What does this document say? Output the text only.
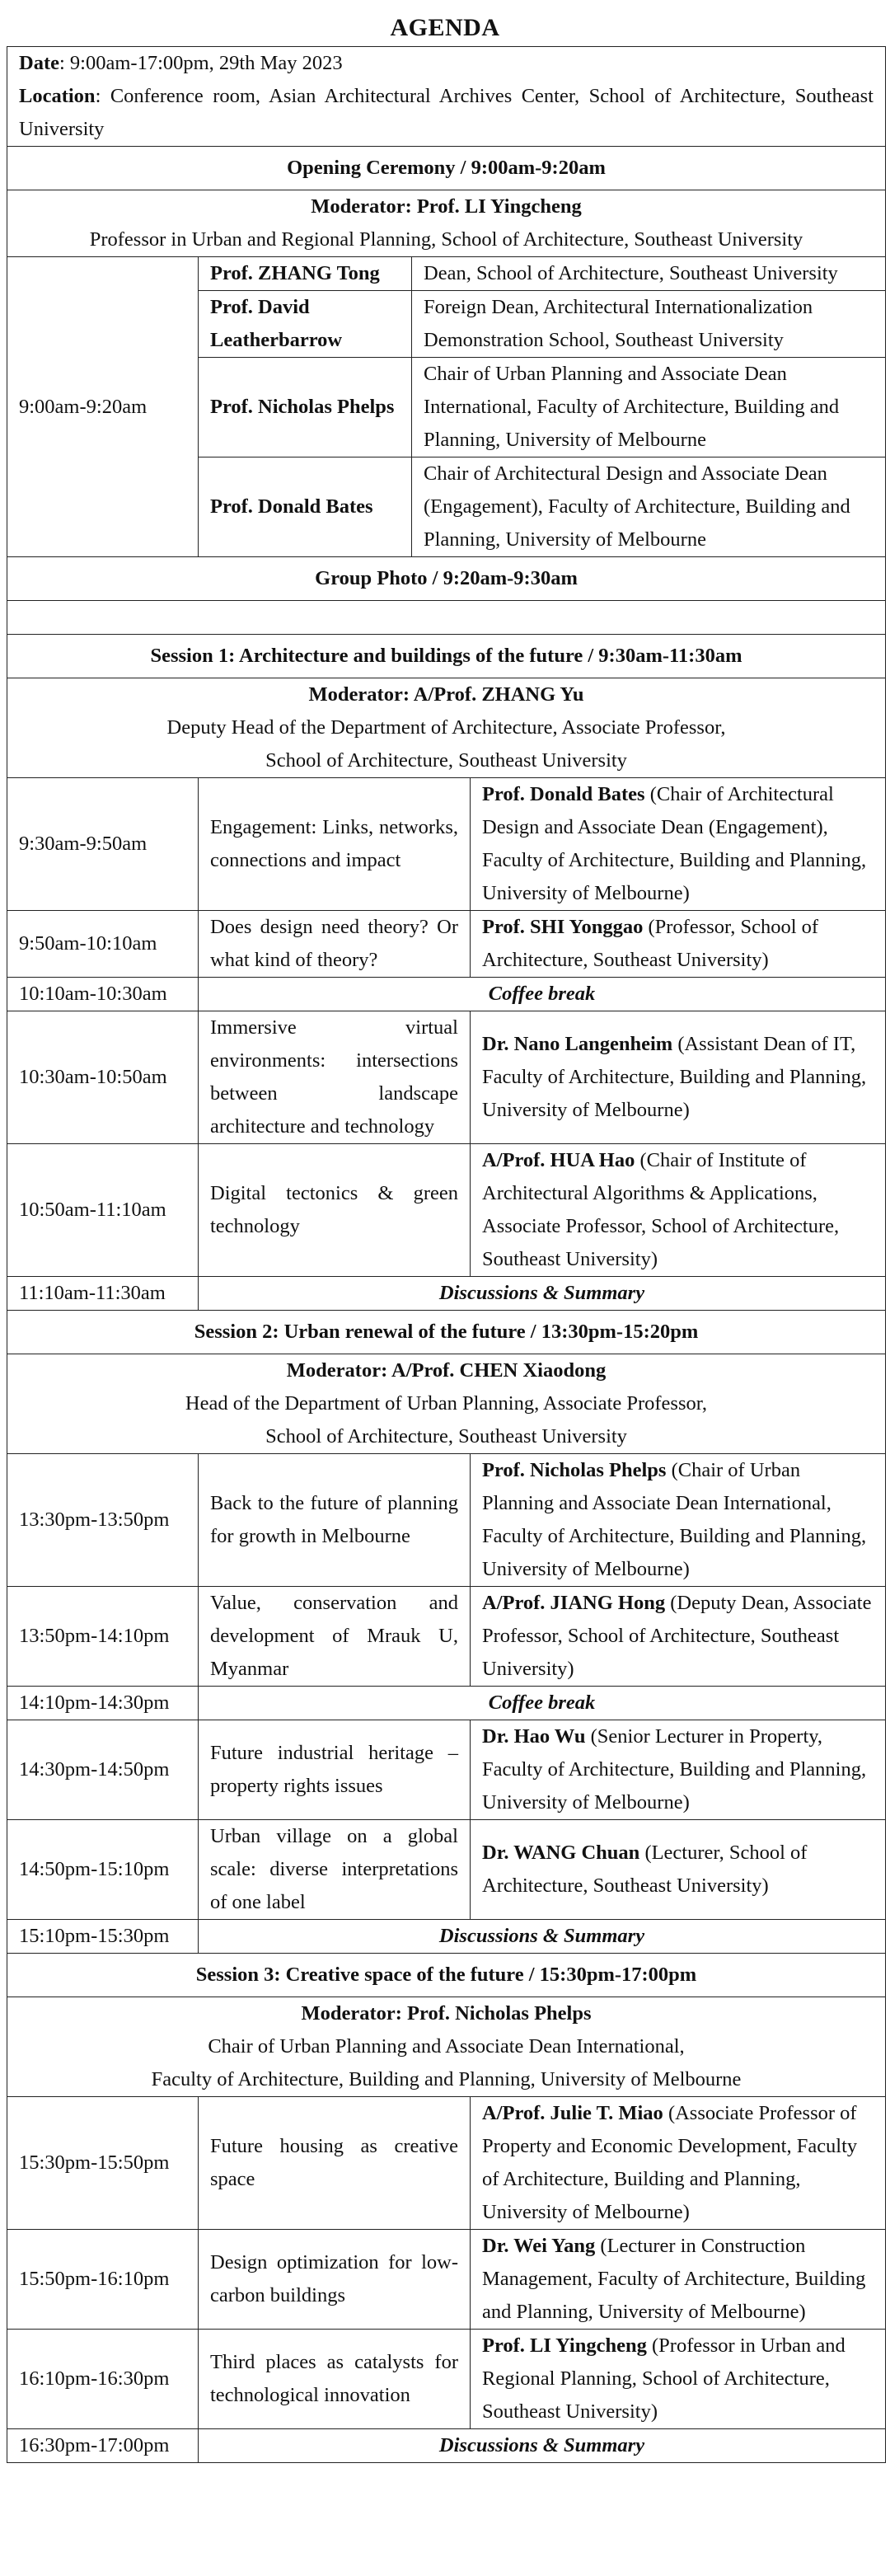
AGENDA
Date: 9:00am-17:00pm, 29th May 2023
Location: Conference room, Asian Architectural Archives Center, School of Architecture, Southeast University

Opening Ceremony / 9:00am-9:20am

Moderator: Prof. LI Yingcheng
Professor in Urban and Regional Planning, School of Architecture, Southeast University

9:00am-9:20am	
Prof. ZHANG Tong	Dean, School of Architecture, Southeast University
Prof. David Leatherbarrow	Foreign Dean, Architectural Internationalization Demonstration School, Southeast University
Prof. Nicholas Phelps	Chair of Urban Planning and Associate Dean International, Faculty of Architecture, Building and Planning, University of Melbourne
Prof. Donald Bates	Chair of Architectural Design and Associate Dean (Engagement), Faculty of Architecture, Building and Planning, University of Melbourne

Group Photo / 9:20am-9:30am

Session 1: Architecture and buildings of the future / 9:30am-11:30am

Moderator: A/Prof. ZHANG Yu
Deputy Head of the Department of Architecture, Associate Professor,
School of Architecture, Southeast University

9:30am-9:50am	Engagement: Links, networks, connections and impact	Prof. Donald Bates (Chair of Architectural Design and Associate Dean (Engagement), Faculty of Architecture, Building and Planning, University of Melbourne)
9:50am-10:10am	Does design need theory? Or what kind of theory?	Prof. SHI Yonggao (Professor, School of Architecture, Southeast University)
10:10am-10:30am	Coffee break
10:30am-10:50am	Immersive virtual environments: intersections between landscape architecture and technology	Dr. Nano Langenheim (Assistant Dean of IT, Faculty of Architecture, Building and Planning, University of Melbourne)
10:50am-11:10am	Digital tectonics & green technology	A/Prof. HUA Hao (Chair of Institute of Architectural Algorithms & Applications, Associate Professor, School of Architecture, Southeast University)
11:10am-11:30am	Discussions & Summary
Session 2: Urban renewal of the future / 13:30pm-15:20pm

Moderator: A/Prof. CHEN Xiaodong
Head of the Department of Urban Planning, Associate Professor,
School of Architecture, Southeast University

13:30pm-13:50pm	Back to the future of planning for growth in Melbourne	Prof. Nicholas Phelps (Chair of Urban Planning and Associate Dean International, Faculty of Architecture, Building and Planning, University of Melbourne)
13:50pm-14:10pm	Value, conservation and development of Mrauk U, Myanmar	A/Prof. JIANG Hong (Deputy Dean, Associate Professor, School of Architecture, Southeast University)
14:10pm-14:30pm	Coffee break
14:30pm-14:50pm	Future industrial heritage – property rights issues	Dr. Hao Wu (Senior Lecturer in Property, Faculty of Architecture, Building and Planning, University of Melbourne)
14:50pm-15:10pm	Urban village on a global scale: diverse interpretations of one label	Dr. WANG Chuan (Lecturer, School of Architecture, Southeast University)
15:10pm-15:30pm	Discussions & Summary
Session 3: Creative space of the future / 15:30pm-17:00pm

Moderator: Prof. Nicholas Phelps
Chair of Urban Planning and Associate Dean International,
Faculty of Architecture, Building and Planning, University of Melbourne

15:30pm-15:50pm	Future housing as creative space	A/Prof. Julie T. Miao (Associate Professor of Property and Economic Development, Faculty of Architecture, Building and Planning, University of Melbourne)
15:50pm-16:10pm	Design optimization for low-carbon buildings	Dr. Wei Yang (Lecturer in Construction Management, Faculty of Architecture, Building and Planning, University of Melbourne)
16:10pm-16:30pm	Third places as catalysts for technological innovation	Prof. LI Yingcheng (Professor in Urban and Regional Planning, School of Architecture, Southeast University)
16:30pm-17:00pm	Discussions & Summary
